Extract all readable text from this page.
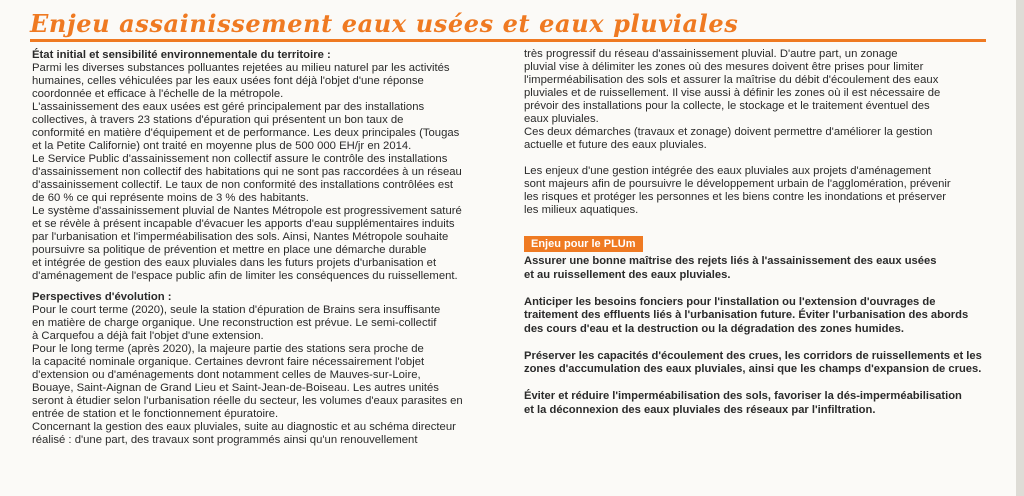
Enjeu assainissement eaux usées et eaux pluviales
État initial et sensibilité environnementale du territoire :
Parmi les diverses substances polluantes rejetées au milieu naturel par les activités
humaines, celles véhiculées par les eaux usées font déjà l'objet d'une réponse
coordonnée et efficace à l'échelle de la métropole.
L'assainissement des eaux usées est géré principalement par des installations
collectives, à travers 23 stations d'épuration qui présentent un bon taux de
conformité en matière d'équipement et de performance. Les deux principales (Tougas
et la Petite Californie) ont traité en moyenne plus de 500 000 EH/jr en 2014.
Le Service Public d'assainissement non collectif assure le contrôle des installations
d'assainissement non collectif des habitations qui ne sont pas raccordées à un réseau
d'assainissement collectif. Le taux de non conformité des installations contrôlées est
de 60 % ce qui représente moins de 3 % des habitants.
Le système d'assainissement pluvial de Nantes Métropole est progressivement saturé
et se révèle à présent incapable d'évacuer les apports d'eau supplémentaires induits
par l'urbanisation et l'imperméabilisation des sols. Ainsi, Nantes Métropole souhaite
poursuivre sa politique de prévention et mettre en place une démarche durable
et intégrée de gestion des eaux pluviales dans les futurs projets d'urbanisation et
d'aménagement de l'espace public afin de limiter les conséquences du ruissellement.
Perspectives d'évolution :
Pour le court terme (2020), seule la station d'épuration de Brains sera insuffisante
en matière de charge organique. Une reconstruction est prévue. Le semi-collectif
à Carquefou a déjà fait l'objet d'une extension.
Pour le long terme (après 2020), la majeure partie des stations sera proche de
la capacité nominale organique. Certaines devront faire nécessairement l'objet
d'extension ou d'aménagements dont notamment celles de Mauves-sur-Loire,
Bouaye, Saint-Aignan de Grand Lieu et Saint-Jean-de-Boiseau. Les autres unités
seront à étudier selon l'urbanisation réelle du secteur, les volumes d'eaux parasites en
entrée de station et le fonctionnement épuratoire.
Concernant la gestion des eaux pluviales, suite au diagnostic et au schéma directeur
réalisé : d'une part, des travaux sont programmés ainsi qu'un renouvellement
très progressif du réseau d'assainissement pluvial. D'autre part, un zonage
pluvial vise à délimiter les zones où des mesures doivent être prises pour limiter
l'imperméabilisation des sols et assurer la maîtrise du débit d'écoulement des eaux
pluviales et de ruissellement. Il vise aussi à définir les zones où il est nécessaire de
prévoir des installations pour la collecte, le stockage et le traitement éventuel des
eaux pluviales.
Ces deux démarches (travaux et zonage) doivent permettre d'améliorer la gestion
actuelle et future des eaux pluviales.
Les enjeux d'une gestion intégrée des eaux pluviales aux projets d'aménagement
sont majeurs afin de poursuivre le développement urbain de l'agglomération, prévenir
les risques et protéger les personnes et les biens contre les inondations et préserver
les milieux aquatiques.
Enjeu pour le PLUm
Assurer une bonne maîtrise des rejets liés à l'assainissement des eaux usées
et au ruissellement des eaux pluviales.
Anticiper les besoins fonciers pour l'installation ou l'extension d'ouvrages de
traitement des effluents liés à l'urbanisation future. Éviter l'urbanisation des abords
des cours d'eau et la destruction ou la dégradation des zones humides.
Préserver les capacités d'écoulement des crues, les corridors de ruissellements et les
zones d'accumulation des eaux pluviales, ainsi que les champs d'expansion de crues.
Éviter et réduire l'imperméabilisation des sols, favoriser la dés-imperméabilisation
et la déconnexion des eaux pluviales des réseaux par l'infiltration.
